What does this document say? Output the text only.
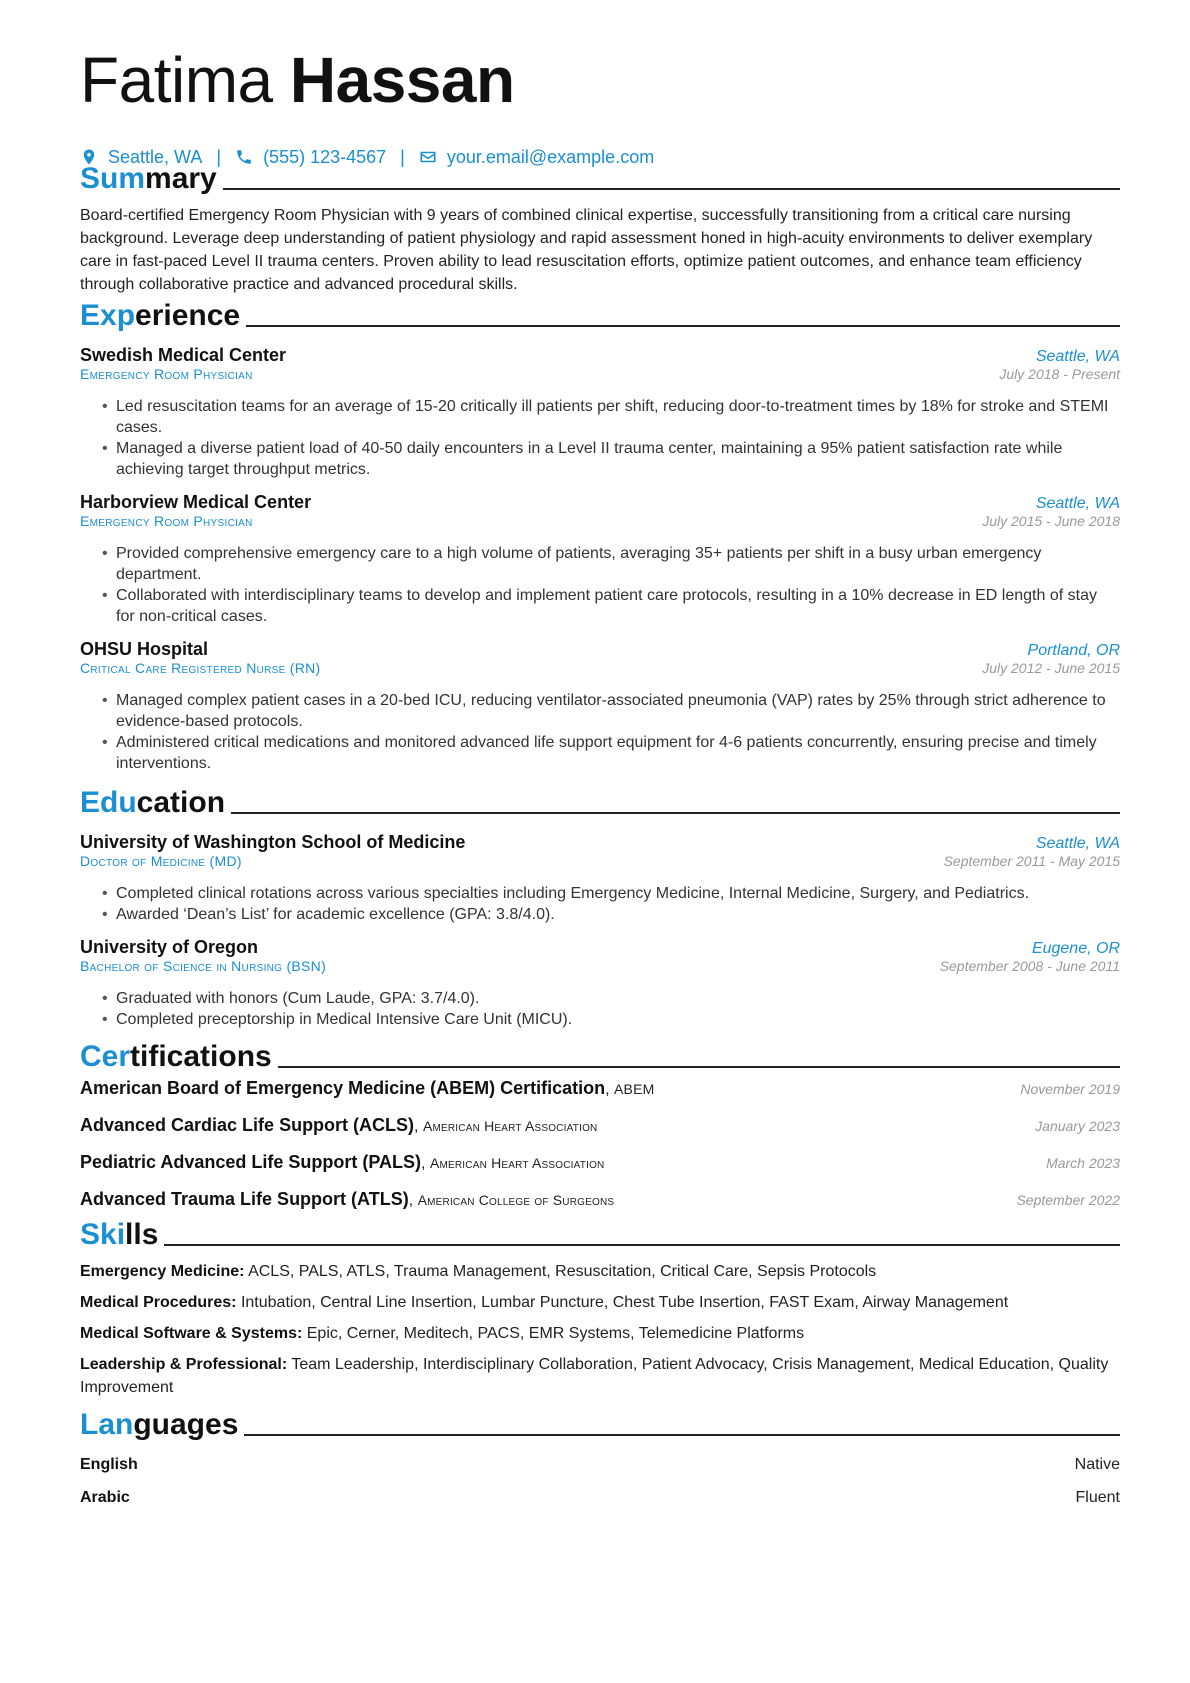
Fatima Hassan
Seattle, WA | (555) 123-4567 | your.email@example.com
Summary

Board-certified Emergency Room Physician with 9 years of combined clinical expertise, successfully transitioning from a critical care nursing background. Leverage deep understanding of patient physiology and rapid assessment honed in high-acuity environments to deliver exemplary care in fast-paced Level II trauma centers. Proven ability to lead resuscitation efforts, optimize patient outcomes, and enhance team efficiency through collaborative practice and advanced procedural skills.

Experience
Swedish Medical Center	Seattle, WA
Emergency Room Physician	July 2018 - Present
• Led resuscitation teams for an average of 15-20 critically ill patients per shift, reducing door-to-treatment times by 18% for stroke and STEMI cases.
• Managed a diverse patient load of 40-50 daily encounters in a Level II trauma center, maintaining a 95% patient satisfaction rate while achieving target throughput metrics.
Harborview Medical Center	Seattle, WA
Emergency Room Physician	July 2015 - June 2018
• Provided comprehensive emergency care to a high volume of patients, averaging 35+ patients per shift in a busy urban emergency department.
• Collaborated with interdisciplinary teams to develop and implement patient care protocols, resulting in a 10% decrease in ED length of stay for non-critical cases.
OHSU Hospital	Portland, OR
Critical Care Registered Nurse (RN)	July 2012 - June 2015
• Managed complex patient cases in a 20-bed ICU, reducing ventilator-associated pneumonia (VAP) rates by 25% through strict adherence to evidence-based protocols.
• Administered critical medications and monitored advanced life support equipment for 4-6 patients concurrently, ensuring precise and timely interventions.
Education
University of Washington School of Medicine	Seattle, WA
Doctor of Medicine (MD)	September 2011 - May 2015
• Completed clinical rotations across various specialties including Emergency Medicine, Internal Medicine, Surgery, and Pediatrics.
• Awarded ‘Dean’s List’ for academic excellence (GPA: 3.8/4.0).
University of Oregon	Eugene, OR
Bachelor of Science in Nursing (BSN)	September 2008 - June 2011
• Graduated with honors (Cum Laude, GPA: 3.7/4.0).
• Completed preceptorship in Medical Intensive Care Unit (MICU).
Certifications
American Board of Emergency Medicine (ABEM) Certification, ABEM	November 2019
Advanced Cardiac Life Support (ACLS), American Heart Association	January 2023
Pediatric Advanced Life Support (PALS), American Heart Association	March 2023
Advanced Trauma Life Support (ATLS), American College of Surgeons	September 2022
Skills
Emergency Medicine: ACLS, PALS, ATLS, Trauma Management, Resuscitation, Critical Care, Sepsis Protocols
Medical Procedures: Intubation, Central Line Insertion, Lumbar Puncture, Chest Tube Insertion, FAST Exam, Airway Management
Medical Software & Systems: Epic, Cerner, Meditech, PACS, EMR Systems, Telemedicine Platforms
Leadership & Professional: Team Leadership, Interdisciplinary Collaboration, Patient Advocacy, Crisis Management, Medical Education, Quality Improvement
Languages
English	Native
Arabic	Fluent
